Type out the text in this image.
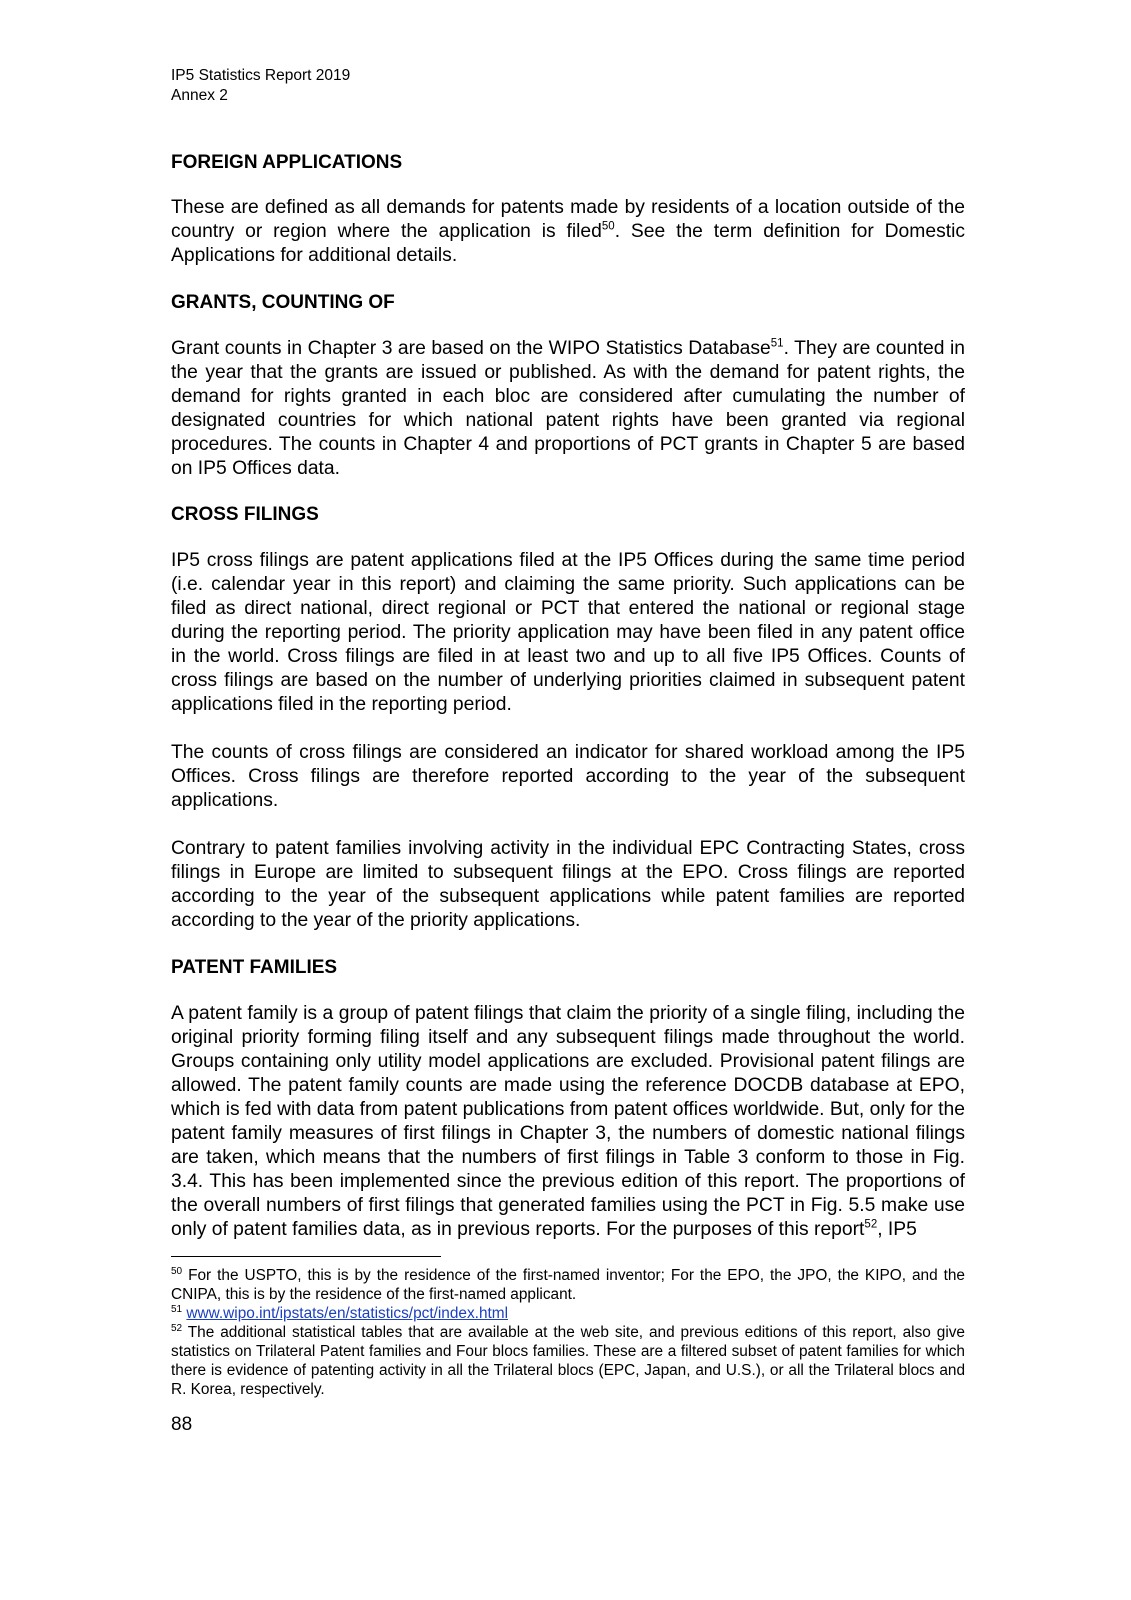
IP5 Statistics Report 2019

Annex 2

FOREIGN APPLICATIONS

These are defined as all demands for patents made by residents of a location outside of the country or region where the application is filed$^{50}$. See the term definition for Domestic Applications for additional details.

GRANTS, COUNTING OF

Grant counts in Chapter 3 are based on the WIPO Statistics Database$^{51}$. They are counted in the year that the grants are issued or published. As with the demand for patent rights, the demand for rights granted in each bloc are considered after cumulating the number of designated countries for which national patent rights have been granted via regional procedures. The counts in Chapter 4 and proportions of PCT grants in Chapter 5 are based on IP5 Offices data.

CROSS FILINGS

IP5 cross filings are patent applications filed at the IP5 Offices during the same time period (i.e. calendar year in this report) and claiming the same priority. Such applications can be filed as direct national, direct regional or PCT that entered the national or regional stage during the reporting period. The priority application may have been filed in any patent office in the world. Cross filings are filed in at least two and up to all five IP5 Offices. Counts of cross filings are based on the number of underlying priorities claimed in subsequent patent applications filed in the reporting period.

The counts of cross filings are considered an indicator for shared workload among the IP5 Offices. Cross filings are therefore reported according to the year of the subsequent applications.

Contrary to patent families involving activity in the individual EPC Contracting States, cross filings in Europe are limited to subsequent filings at the EPO. Cross filings are reported according to the year of the subsequent applications while patent families are reported according to the year of the priority applications.

PATENT FAMILIES

A patent family is a group of patent filings that claim the priority of a single filing, including the original priority forming filing itself and any subsequent filings made throughout the world. Groups containing only utility model applications are excluded. Provisional patent filings are allowed. The patent family counts are made using the reference DOCDB database at EPO, which is fed with data from patent publications from patent offices worldwide. But, only for the patent family measures of first filings in Chapter 3, the numbers of domestic national filings are taken, which means that the numbers of first filings in Table 3 conform to those in Fig. 3.4. This has been implemented since the previous edition of this report. The proportions of the overall numbers of first filings that generated families using the PCT in Fig. 5.5 make use only of patent families data, as in previous reports. For the purposes of this report$^{52}$, IP5

$^{50}$ For the USPTO, this is by the residence of the first-named inventor; For the EPO, the JPO, the KIPO, and the CNIPA, this is by the residence of the first-named applicant.

$^{51}$ www.wipo.int/ipstats/en/statistics/pct/index.html

$^{52}$ The additional statistical tables that are available at the web site, and previous editions of this report, also give statistics on Trilateral Patent families and Four blocs families. These are a filtered subset of patent families for which there is evidence of patenting activity in all the Trilateral blocs (EPC, Japan, and U.S.), or all the Trilateral blocs and R. Korea, respectively.

88
